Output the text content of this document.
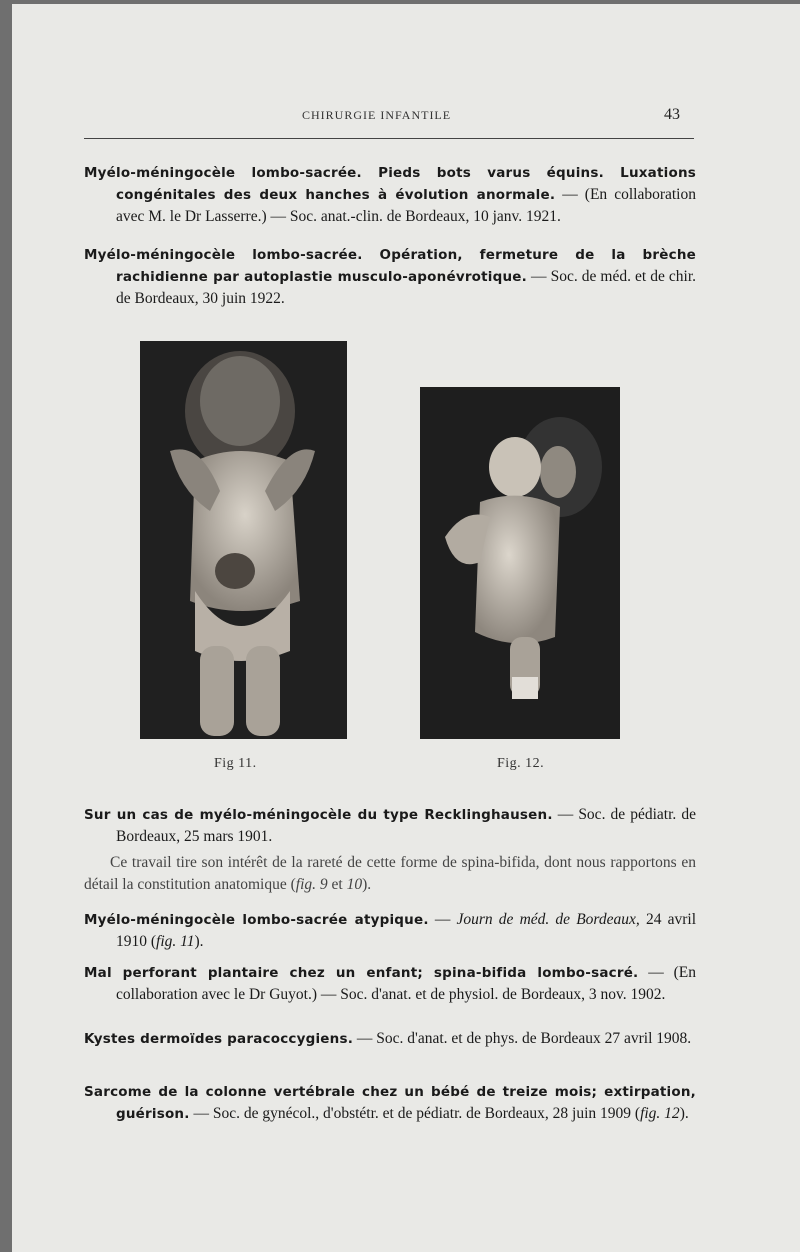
CHIRURGIE INFANTILE	43
Myélo-méningocèle lombo-sacrée. Pieds bots varus équins. Luxations congénitales des deux hanches à évolution anormale. — (En collaboration avec M. le Dr Lasserre.) — Soc. anat.-clin. de Bordeaux, 10 janv. 1921.
Myélo-méningocèle lombo-sacrée. Opération, fermeture de la brèche rachidienne par autoplastie musculo-aponévrotique. — Soc. de méd. et de chir. de Bordeaux, 30 juin 1922.
Fig 11.	Fig. 12.
Sur un cas de myélo-méningocèle du type Recklinghausen. — Soc. de pédiatr. de Bordeaux, 25 mars 1901.
Ce travail tire son intérêt de la rareté de cette forme de spina-bifida, dont nous rapportons en détail la constitution anatomique (fig. 9 et 10).
Myélo-méningocèle lombo-sacrée atypique. — Journ de méd. de Bordeaux, 24 avril 1910 (fig. 11).
Mal perforant plantaire chez un enfant; spina-bifida lombo-sacré. — (En collaboration avec le Dr Guyot.) — Soc. d'anat. et de physiol. de Bordeaux, 3 nov. 1902.
Kystes dermoïdes paracoccygiens. — Soc. d'anat. et de phys. de Bordeaux 27 avril 1908.
Sarcome de la colonne vertébrale chez un bébé de treize mois; extirpation, guérison. — Soc. de gynécol., d'obstétr. et de pédiatr. de Bordeaux, 28 juin 1909 (fig. 12).
